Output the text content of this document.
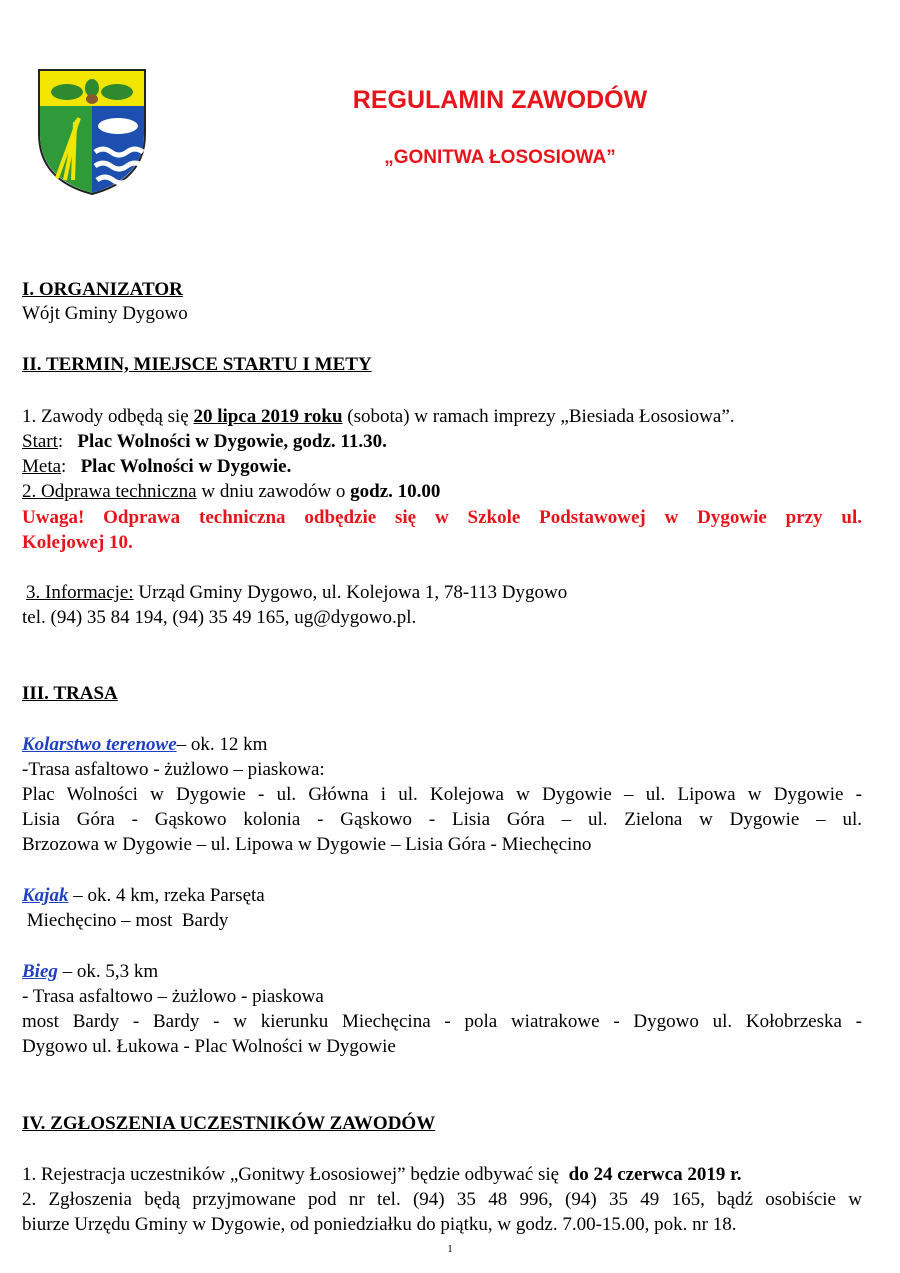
REGULAMIN ZAWODÓW
„GONITWA ŁOSOSIOWA”
I. ORGANIZATOR
Wójt Gminy Dygowo
II. TERMIN, MIEJSCE STARTU I METY
1. Zawody odbędą się 20 lipca 2019 roku (sobota) w ramach imprezy „Biesiada Łososiowa”.
Start:   Plac Wolności w Dygowie, godz. 11.30.
Meta:   Plac Wolności w Dygowie.
2. Odprawa techniczna w dniu zawodów o godz. 10.00
Uwaga! Odprawa techniczna odbędzie się w Szkole Podstawowej w Dygowie przy ul.
Kolejowej 10.
3. Informacje: Urząd Gminy Dygowo, ul. Kolejowa 1, 78-113 Dygowo
tel. (94) 35 84 194, (94) 35 49 165, ug@dygowo.pl.
III. TRASA
Kolarstwo terenowe– ok. 12 km
-Trasa asfaltowo - żużlowo – piaskowa:
Plac Wolności w Dygowie - ul. Główna i ul. Kolejowa w Dygowie – ul. Lipowa w Dygowie -
Lisia Góra - Gąskowo kolonia - Gąskowo - Lisia Góra – ul. Zielona w Dygowie – ul.
Brzozowa w Dygowie – ul. Lipowa w Dygowie – Lisia Góra - Miechęcino
Kajak – ok. 4 km, rzeka Parsęta
Miechęcino – most  Bardy
Bieg – ok. 5,3 km
- Trasa asfaltowo – żużlowo - piaskowa
most Bardy - Bardy - w kierunku Miechęcina - pola wiatrakowe - Dygowo ul. Kołobrzeska -
Dygowo ul. Łukowa - Plac Wolności w Dygowie
IV. ZGŁOSZENIA UCZESTNIKÓW ZAWODÓW
1. Rejestracja uczestników „Gonitwy Łososiowej” będzie odbywać się  do 24 czerwca 2019 r.
2. Zgłoszenia będą przyjmowane pod nr tel. (94) 35 48 996, (94) 35 49 165, bądź osobiście w
biurze Urzędu Gminy w Dygowie, od poniedziałku do piątku, w godz. 7.00-15.00, pok. nr 18.
1
